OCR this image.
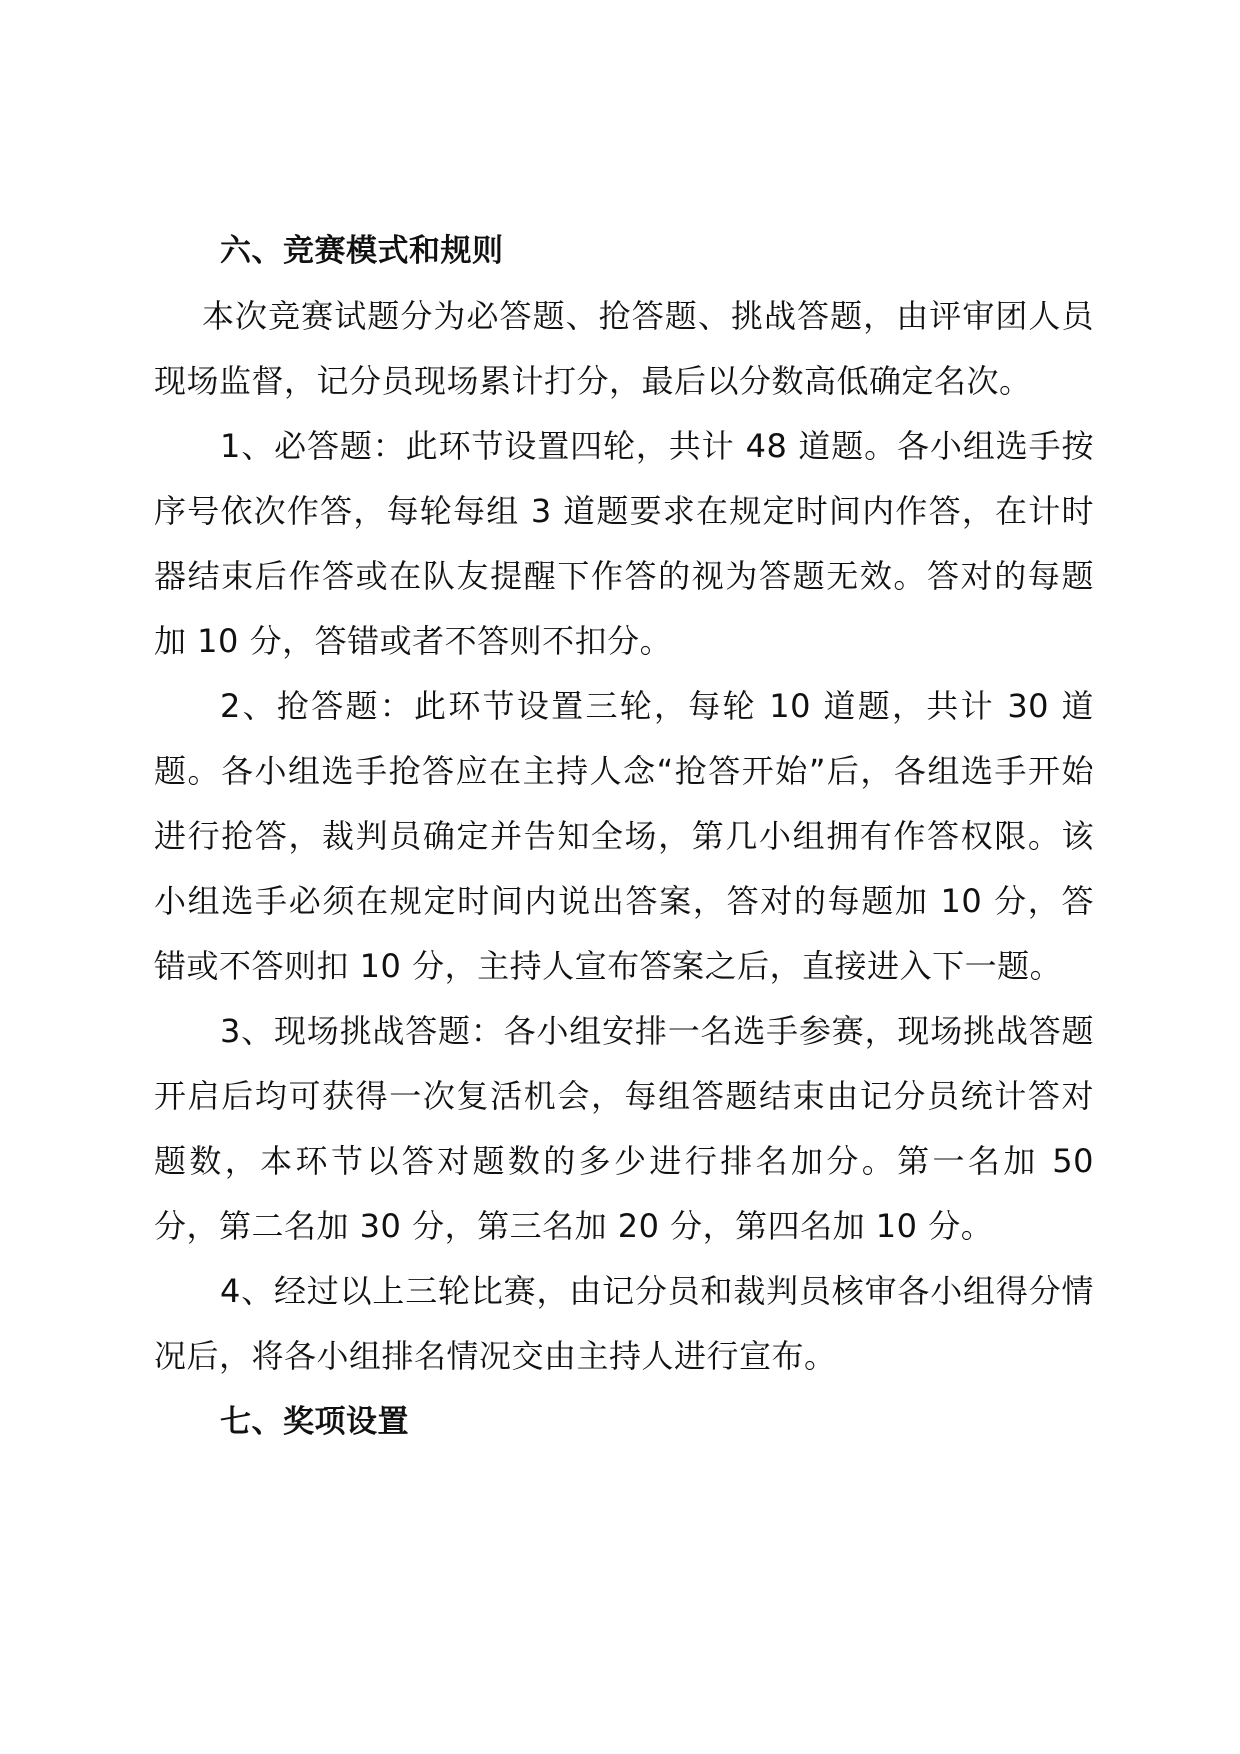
六、竞赛模式和规则

本次竞赛试题分为必答题、抢答题、挑战答题，由评审团人员现场监督，记分员现场累计打分，最后以分数高低确定名次。

1、必答题：此环节设置四轮，共计 48 道题。各小组选手按序号依次作答，每轮每组 3 道题要求在规定时间内作答，在计时器结束后作答或在队友提醒下作答的视为答题无效。答对的每题加 10 分，答错或者不答则不扣分。

2、抢答题：此环节设置三轮，每轮 10 道题，共计 30 道题。各小组选手抢答应在主持人念“抢答开始”后，各组选手开始进行抢答，裁判员确定并告知全场，第几小组拥有作答权限。该小组选手必须在规定时间内说出答案，答对的每题加 10 分，答错或不答则扣 10 分，主持人宣布答案之后，直接进入下一题。

3、现场挑战答题：各小组安排一名选手参赛，现场挑战答题开启后均可获得一次复活机会，每组答题结束由记分员统计答对题数，本环节以答对题数的多少进行排名加分。第一名加 50 分，第二名加 30 分，第三名加 20 分，第四名加 10 分。

4、经过以上三轮比赛，由记分员和裁判员核审各小组得分情况后，将各小组排名情况交由主持人进行宣布。

七、奖项设置
